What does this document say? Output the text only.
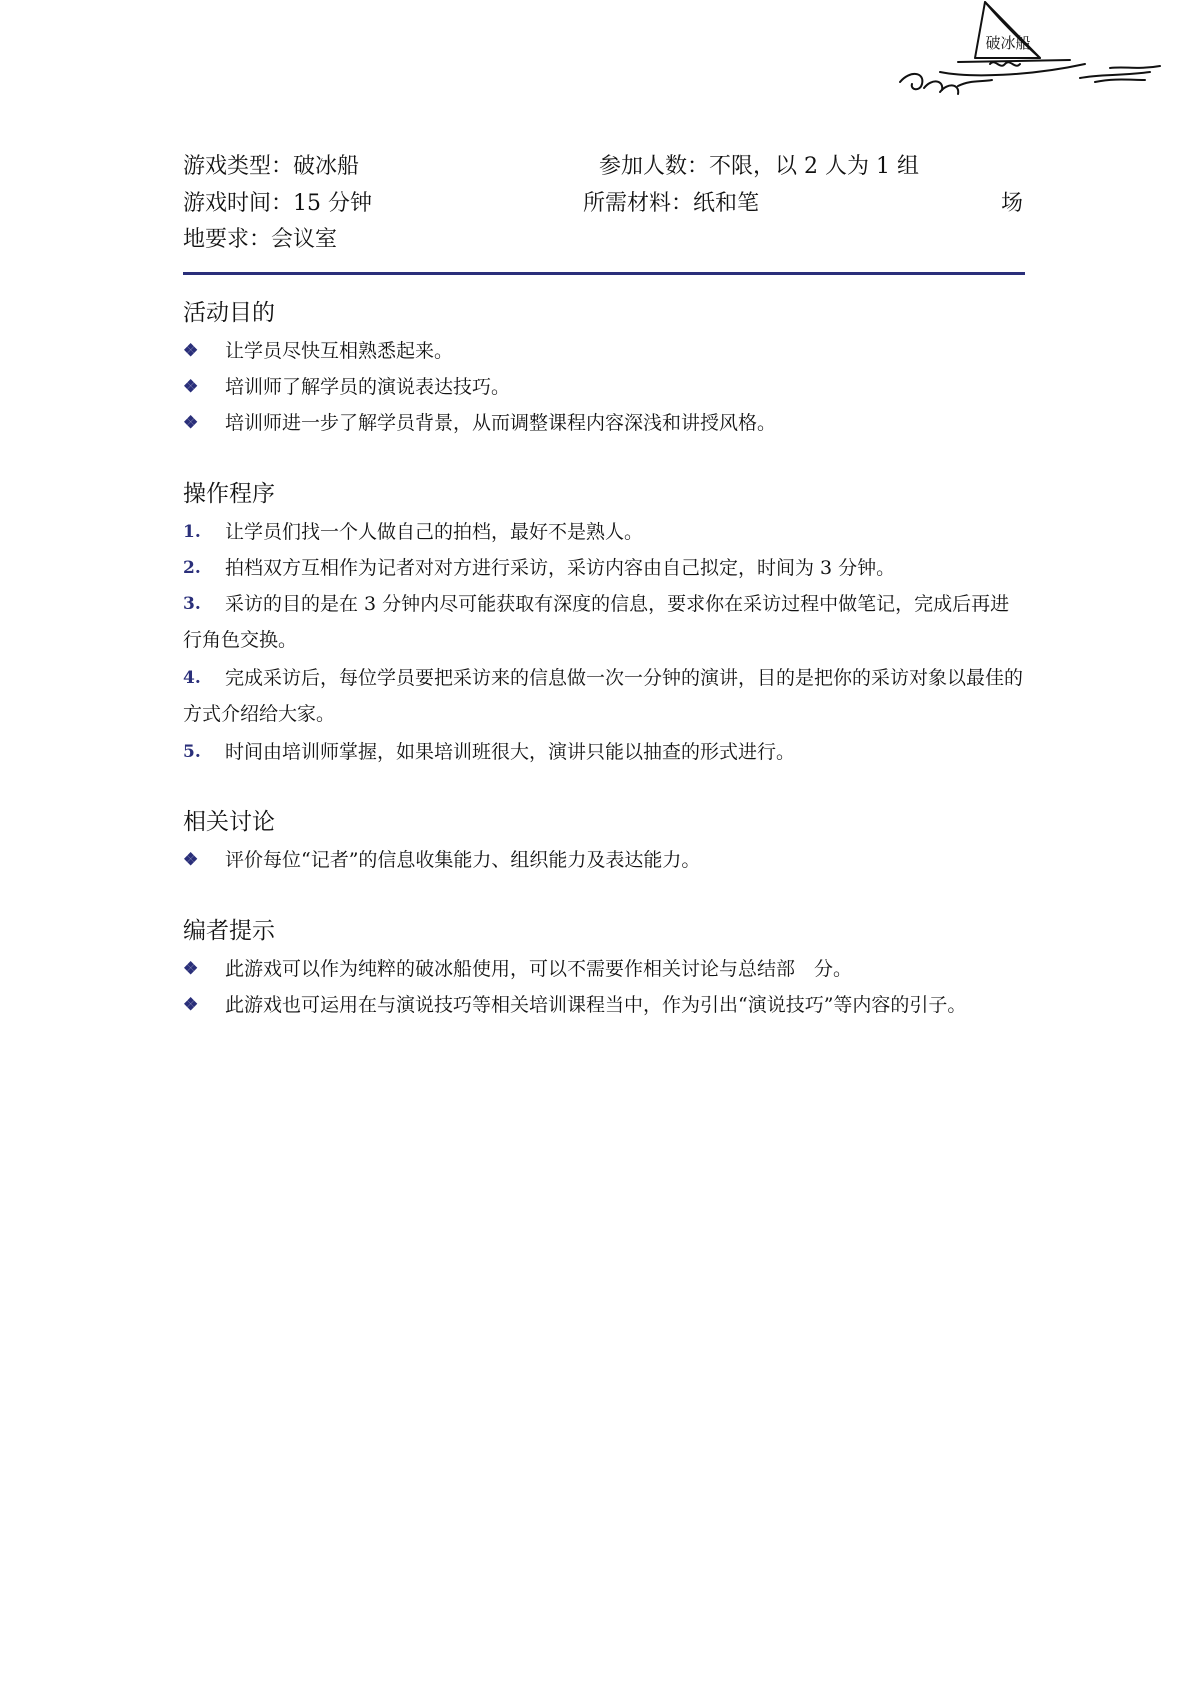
破冰船
游戏类型：破冰船	参加人数：不限，以 2 人为 1 组
游戏时间：15 分钟	所需材料：纸和笔	场
地要求：会议室
活动目的
❖	让学员尽快互相熟悉起来。
❖	培训师了解学员的演说表达技巧。
❖	培训师进一步了解学员背景，从而调整课程内容深浅和讲授风格。
操作程序
1.	让学员们找一个人做自己的拍档，最好不是熟人。
2.	拍档双方互相作为记者对对方进行采访，采访内容由自己拟定，时间为 3 分钟。
3.	采访的目的是在 3 分钟内尽可能获取有深度的信息，要求你在采访过程中做笔记，完成后再进行角色交换。
4.	完成采访后，每位学员要把采访来的信息做一次一分钟的演讲，目的是把你的采访对象以最佳的方式介绍给大家。
5.	时间由培训师掌握，如果培训班很大，演讲只能以抽查的形式进行。
相关讨论
❖	评价每位“记者”的信息收集能力、组织能力及表达能力。
编者提示
❖	此游戏可以作为纯粹的破冰船使用，可以不需要作相关讨论与总结部　分。
❖	此游戏也可运用在与演说技巧等相关培训课程当中，作为引出“演说技巧”等内容的引子。
